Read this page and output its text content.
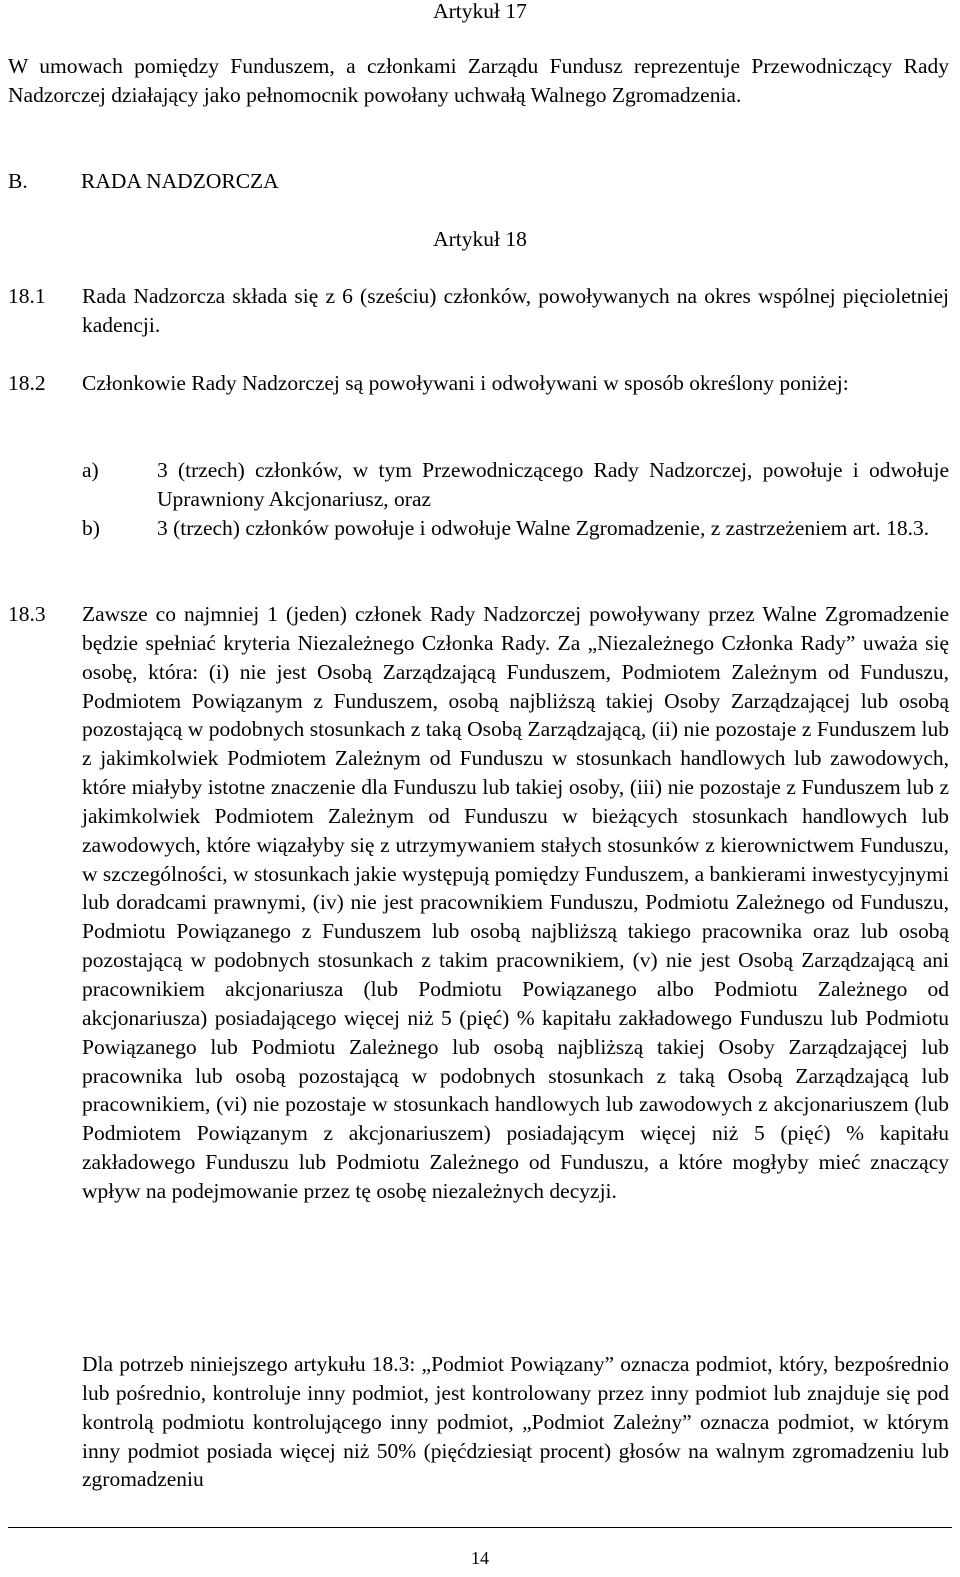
Artykuł 17

W umowach pomiędzy Funduszem, a członkami Zarządu Fundusz reprezentuje Przewodniczący Rady Nadzorczej działający jako pełnomocnik powołany uchwałą Walnego Zgromadzenia.

B. RADA NADZORCZA

Artykuł 18

18.1 Rada Nadzorcza składa się z 6 (sześciu) członków, powoływanych na okres wspólnej pięcioletniej kadencji.

18.2 Członkowie Rady Nadzorczej są powoływani i odwoływani w sposób określony poniżej:

a)	3 (trzech) członków, w tym Przewodniczącego Rady Nadzorczej, powołuje i odwołuje Uprawniony Akcjonariusz, oraz

b)	3 (trzech) członków powołuje i odwołuje Walne Zgromadzenie, z zastrzeżeniem art. 18.3.

18.3 Zawsze co najmniej 1 (jeden) członek Rady Nadzorczej powoływany przez Walne Zgromadzenie będzie spełniać kryteria Niezależnego Członka Rady. Za „Niezależnego Członka Rady” uważa się osobę, która: (i) nie jest Osobą Zarządzającą Funduszem, Podmiotem Zależnym od Funduszu, Podmiotem Powiązanym z Funduszem, osobą najbliższą takiej Osoby Zarządzającej lub osobą pozostającą w podobnych stosunkach z taką Osobą Zarządzającą, (ii) nie pozostaje z Funduszem lub z jakimkolwiek Podmiotem Zależnym od Funduszu w stosunkach handlowych lub zawodowych, które miałyby istotne znaczenie dla Funduszu lub takiej osoby, (iii) nie pozostaje z Funduszem lub z jakimkolwiek Podmiotem Zależnym od Funduszu w bieżących stosunkach handlowych lub zawodowych, które wiązałyby się z utrzymywaniem stałych stosunków z kierownictwem Funduszu, w szczególności, w stosunkach jakie występują pomiędzy Funduszem, a bankierami inwestycyjnymi lub doradcami prawnymi, (iv) nie jest pracownikiem Funduszu, Podmiotu Zależnego od Funduszu, Podmiotu Powiązanego z Funduszem lub osobą najbliższą takiego pracownika oraz lub osobą pozostającą w podobnych stosunkach z takim pracownikiem, (v) nie jest Osobą Zarządzającą ani pracownikiem akcjonariusza (lub Podmiotu Powiązanego albo Podmiotu Zależnego od akcjonariusza) posiadającego więcej niż 5 (pięć) % kapitału zakładowego Funduszu lub Podmiotu Powiązanego lub Podmiotu Zależnego lub osobą najbliższą takiej Osoby Zarządzającej lub pracownika lub osobą pozostającą w podobnych stosunkach z taką Osobą Zarządzającą lub pracownikiem, (vi) nie pozostaje w stosunkach handlowych lub zawodowych z akcjonariuszem (lub Podmiotem Powiązanym z akcjonariuszem) posiadającym więcej niż 5 (pięć) % kapitału zakładowego Funduszu lub Podmiotu Zależnego od Funduszu, a które mogłyby mieć znaczący wpływ na podejmowanie przez tę osobę niezależnych decyzji.

Dla potrzeb niniejszego artykułu 18.3: „Podmiot Powiązany” oznacza podmiot, który, bezpośrednio lub pośrednio, kontroluje inny podmiot, jest kontrolowany przez inny podmiot lub znajduje się pod kontrolą podmiotu kontrolującego inny podmiot, „Podmiot Zależny” oznacza podmiot, w którym inny podmiot posiada więcej niż 50% (pięćdziesiąt procent) głosów na walnym zgromadzeniu lub zgromadzeniu

14
